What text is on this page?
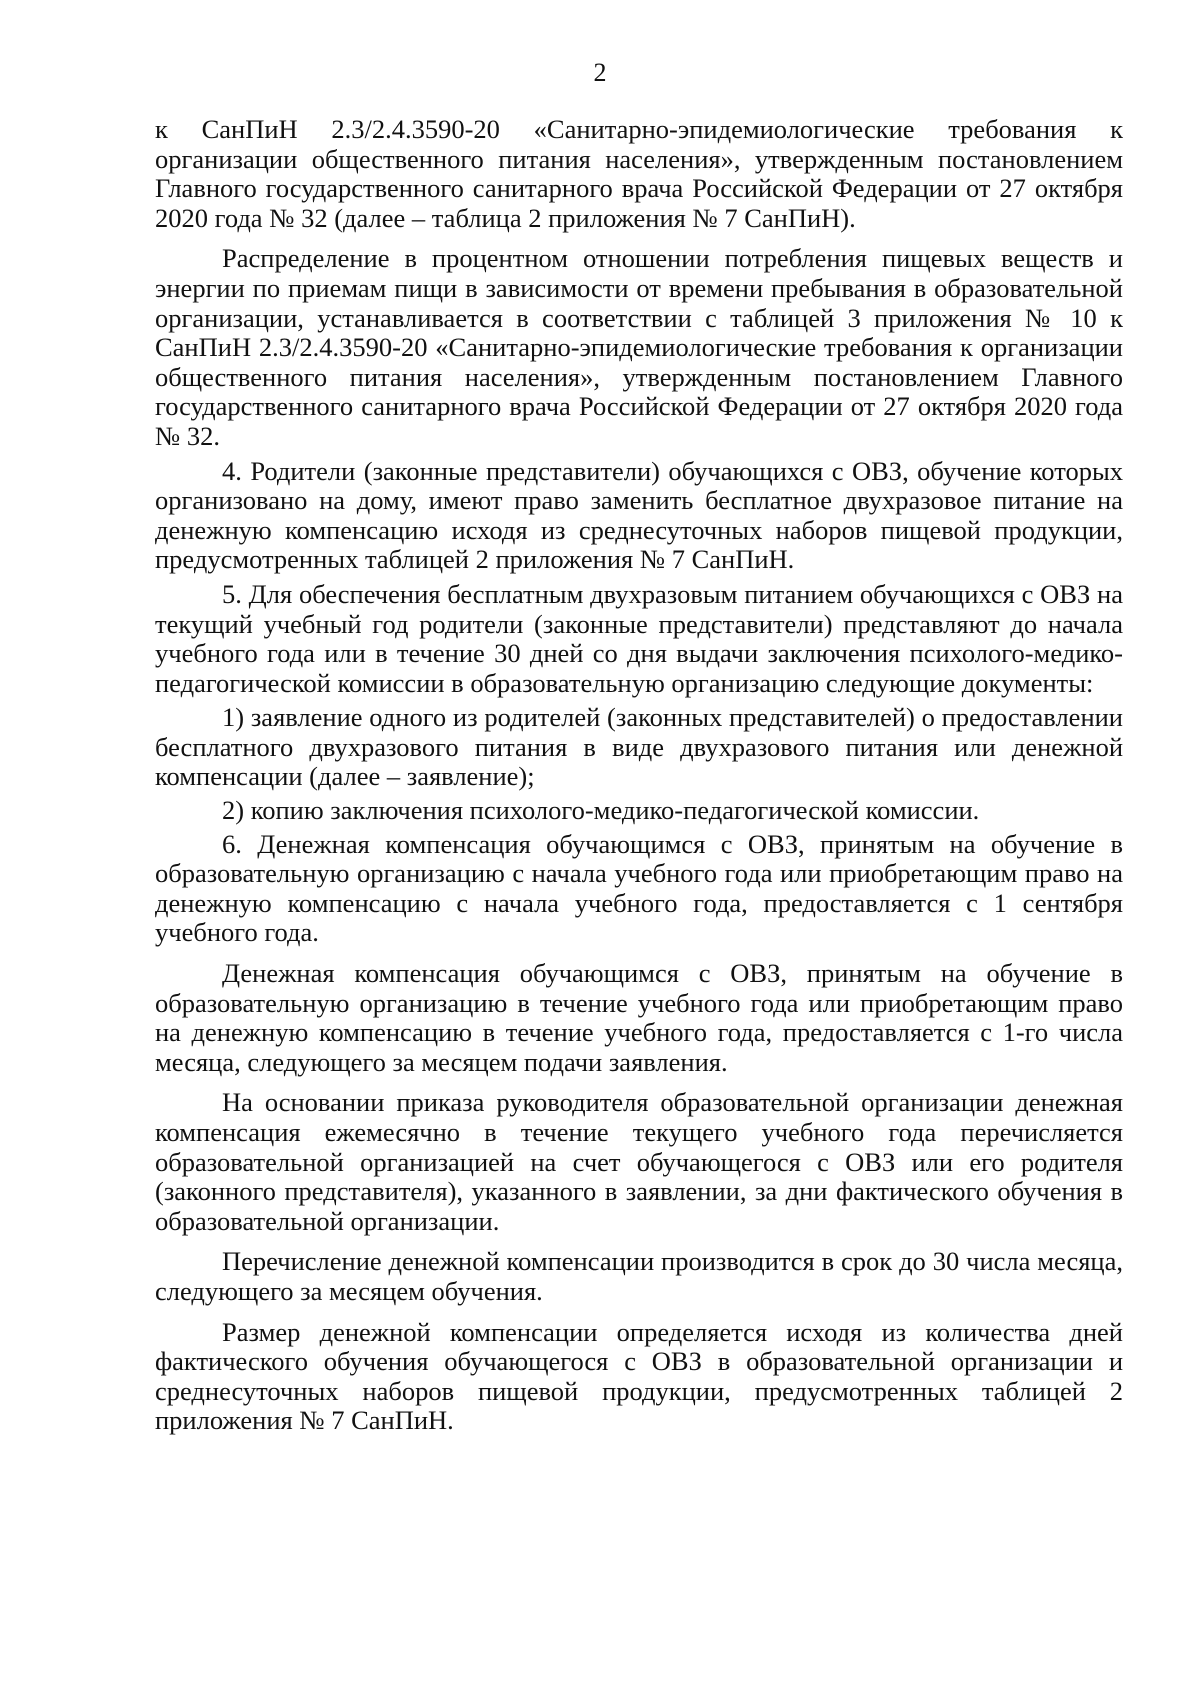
2

к СанПиН 2.3/2.4.3590-20 «Санитарно-эпидемиологические требования к организации общественного питания населения», утвержденным постановлением Главного государственного санитарного врача Российской Федерации от 27 октября 2020 года № 32 (далее – таблица 2 приложения № 7 СанПиН).

Распределение в процентном отношении потребления пищевых веществ и энергии по приемам пищи в зависимости от времени пребывания в образовательной организации, устанавливается в соответствии с таблицей 3 приложения № 10 к СанПиН 2.3/2.4.3590-20 «Санитарно-эпидемиологические требования к организации общественного питания населения», утвержденным постановлением Главного государственного санитарного врача Российской Федерации от 27 октября 2020 года № 32.

4. Родители (законные представители) обучающихся с ОВЗ, обучение которых организовано на дому, имеют право заменить бесплатное двухразовое питание на денежную компенсацию исходя из среднесуточных наборов пищевой продукции, предусмотренных таблицей 2 приложения № 7 СанПиН.

5. Для обеспечения бесплатным двухразовым питанием обучающихся с ОВЗ на текущий учебный год родители (законные представители) представляют до начала учебного года или в течение 30 дней со дня выдачи заключения психолого-медико-педагогической комиссии в образовательную организацию следующие документы:

1) заявление одного из родителей (законных представителей) о предоставлении бесплатного двухразового питания в виде двухразового питания или денежной компенсации (далее – заявление);

2) копию заключения психолого-медико-педагогической комиссии.

6. Денежная компенсация обучающимся с ОВЗ, принятым на обучение в образовательную организацию с начала учебного года или приобретающим право на денежную компенсацию с начала учебного года, предоставляется с 1 сентября учебного года.

Денежная компенсация обучающимся с ОВЗ, принятым на обучение в образовательную организацию в течение учебного года или приобретающим право на денежную компенсацию в течение учебного года, предоставляется с 1-го числа месяца, следующего за месяцем подачи заявления.

На основании приказа руководителя образовательной организации денежная компенсация ежемесячно в течение текущего учебного года перечисляется образовательной организацией на счет обучающегося с ОВЗ или его родителя (законного представителя), указанного в заявлении, за дни фактического обучения в образовательной организации.

Перечисление денежной компенсации производится в срок до 30 числа месяца, следующего за месяцем обучения.

Размер денежной компенсации определяется исходя из количества дней фактического обучения обучающегося с ОВЗ в образовательной организации и среднесуточных наборов пищевой продукции, предусмотренных таблицей 2 приложения № 7 СанПиН.
